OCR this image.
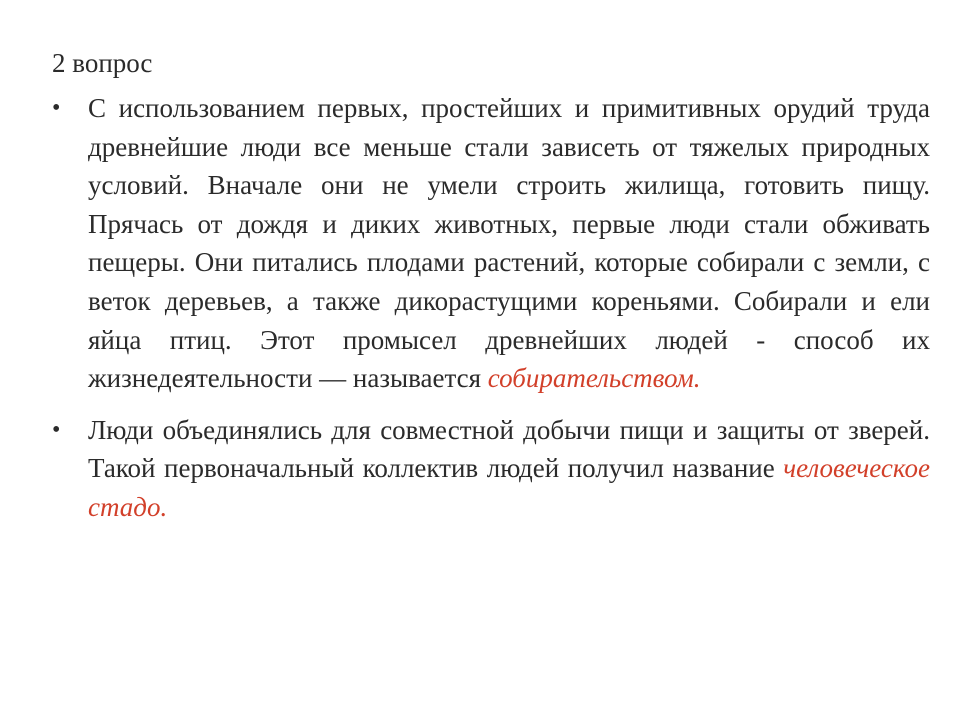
2 вопрос
•	С использованием первых, простейших и примитивных орудий труда древнейшие люди все меньше стали зависеть от тяжелых природных условий. Вначале они не умели строить жилища, готовить пищу. Прячась от дождя и диких животных, первые люди стали обживать пещеры. Они питались плодами растений, которые собирали с земли, с веток деревьев, а также дикорастущими кореньями. Собирали и ели яйца птиц. Этот промысел древнейших людей - способ их жизнедеятельности — называется собирательством.
•	Люди объединялись для совместной добычи пищи и защиты от зверей. Такой первоначальный коллектив людей получил название человеческое стадо.
